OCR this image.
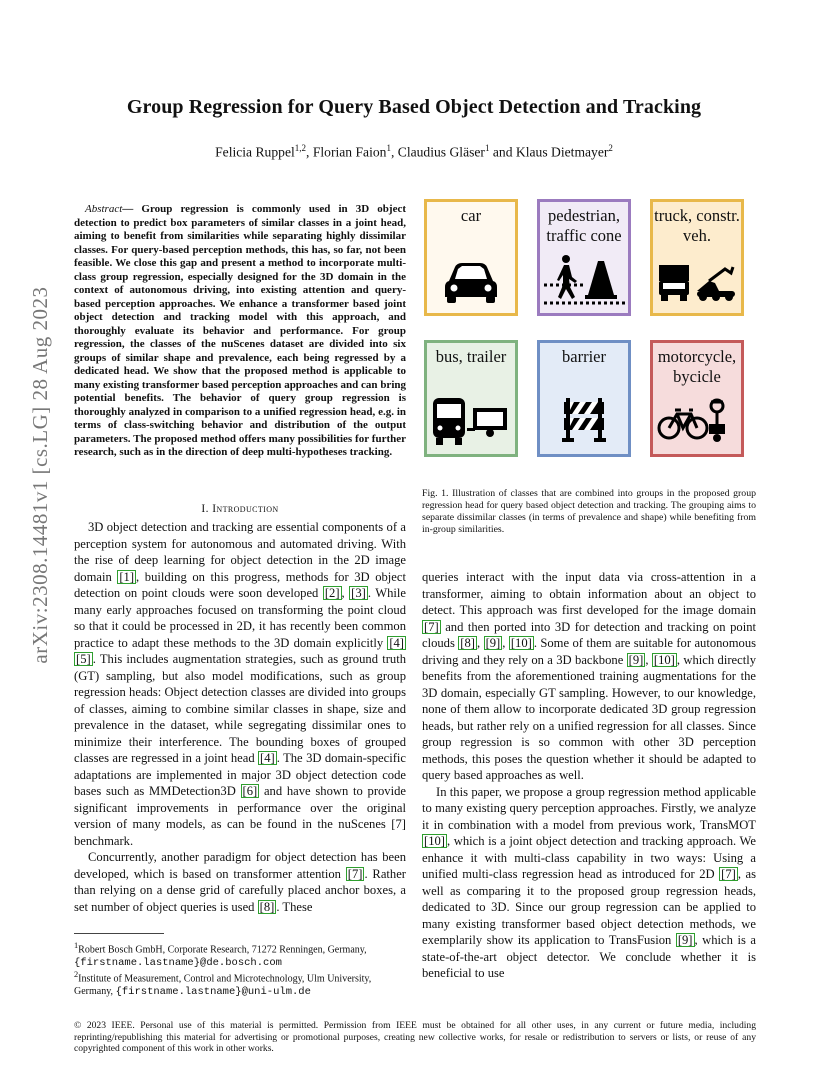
arXiv:2308.14481v1 [cs.LG] 28 Aug 2023
Group Regression for Query Based Object Detection and Tracking
Felicia Ruppel$^{1,2}$, Florian Faion$^1$, Claudius Gläser$^1$ and Klaus Dietmayer$^2$
Abstract— Group regression is commonly used in 3D object detection to predict box parameters of similar classes in a joint head, aiming to benefit from similarities while separating highly dissimilar classes. For query-based perception methods, this has, so far, not been feasible. We close this gap and present a method to incorporate multi-class group regression, especially designed for the 3D domain in the context of autonomous driving, into existing attention and query-based perception approaches. We enhance a transformer based joint object detection and tracking model with this approach, and thoroughly evaluate its behavior and performance. For group regression, the classes of the nuScenes dataset are divided into six groups of similar shape and prevalence, each being regressed by a dedicated head. We show that the proposed method is applicable to many existing transformer based perception approaches and can bring potential benefits. The behavior of query group regression is thoroughly analyzed in comparison to a unified regression head, e.g. in terms of class-switching behavior and distribution of the output parameters. The proposed method offers many possibilities for further research, such as in the direction of deep multi-hypotheses tracking.
I. Introduction

3D object detection and tracking are essential components of a perception system for autonomous and automated driving. With the rise of deep learning for object detection in the 2D image domain [1] , building on this progress, methods for 3D object detection on point clouds were soon developed [2] , [3] . While many early approaches focused on transforming the point cloud so that it could be processed in 2D, it has recently been common practice to adapt these methods to the 3D domain explicitly [4] [5] . This includes augmentation strategies, such as ground truth (GT) sampling, but also model modifications, such as group regression heads: Object detection classes are divided into groups of classes, aiming to combine similar classes in shape, size and prevalence in the dataset, while segregating dissimilar ones to minimize their interference. The bounding boxes of grouped classes are regressed in a joint head [4] . The 3D domain-specific adaptations are implemented in major 3D object detection code bases such as MMDetection3D [6] and have shown to provide significant improvements in performance over the original version of many models, as can be found in the nuScenes [7] benchmark.

Concurrently, another paradigm for object detection has been developed, which is based on transformer attention [7] . Rather than relying on a dense grid of carefully placed anchor boxes, a set number of object queries is used [8] . These

$^1$Robert Bosch GmbH, Corporate Research, 71272 Renningen, Germany,
{firstname.lastname}@de.bosch.com
$^2$Institute of Measurement, Control and Microtechnology, Ulm University, Germany, {firstname.lastname}@uni-ulm.de
car	pedestrian, traffic cone
truck, constr. veh.
bus, trailer	barrier	motorcycle, bycicle
Fig. 1. Illustration of classes that are combined into groups in the proposed group regression head for query based object detection and tracking. The grouping aims to separate dissimilar classes (in terms of prevalence and shape) while benefiting from in-group similarities.

queries interact with the input data via cross-attention in a transformer, aiming to obtain information about an object to detect. This approach was first developed for the image domain [7] and then ported into 3D for detection and tracking on point clouds [8] , [9] , [10] . Some of them are suitable for autonomous driving and they rely on a 3D backbone [9] , [10] , which directly benefits from the aforementioned training augmentations for the 3D domain, especially GT sampling. However, to our knowledge, none of them allow to incorporate dedicated 3D group regression heads, but rather rely on a unified regression for all classes. Since group regression is so common with other 3D perception methods, this poses the question whether it should be adapted to query based approaches as well.

In this paper, we propose a group regression method applicable to many existing query perception approaches. Firstly, we analyze it in combination with a model from previous work, TransMOT [10] , which is a joint object detection and tracking approach. We enhance it with multi-class capability in two ways: Using a unified multi-class regression head as introduced for 2D [7] , as well as comparing it to the proposed group regression heads, dedicated to 3D. Since our group regression can be applied to many existing transformer based object detection methods, we exemplarily show its application to TransFusion [9] , which is a state-of-the-art object detector. We conclude whether it is beneficial to use

© 2023 IEEE. Personal use of this material is permitted. Permission from IEEE must be obtained for all other uses, in any current or future media, including reprinting/republishing this material for advertising or promotional purposes, creating new collective works, for resale or redistribution to servers or lists, or reuse of any copyrighted component of this work in other works.
